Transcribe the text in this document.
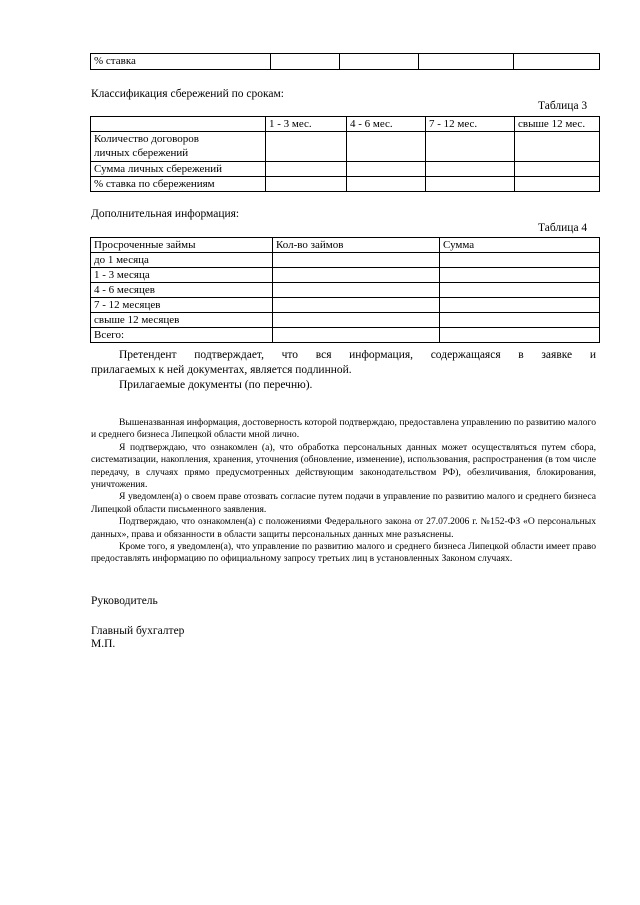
% ставка				
Классификация сбережений по срокам:
Таблица 3
	1 - 3 мес.	4 - 6 мес.	7 - 12 мес.	свыше 12 мес.

Количество договоров
личных сбережений				

Сумма личных сбережений				
% ставка по сбережениям				
Дополнительная информация:
Таблица 4
Просроченные займы	Кол-во займов	Сумма
до 1 месяца		
1 - 3 месяца		
4 - 6 месяцев		
7 - 12 месяцев		
свыше 12 месяцев		
Всего:		
Претендент подтверждает, что вся информация, содержащаяся в заявке и
прилагаемых к ней документах, является подлинной.
Прилагаемые документы (по перечню).
Вышеназванная информация, достоверность которой подтверждаю, предоставлена управлению по развитию малого и среднего бизнеса Липецкой области мной лично.
Я подтверждаю, что ознакомлен (а), что обработка персональных данных может осуществляться путем сбора, систематизации, накопления, хранения, уточнения (обновление, изменение), использования, распространения (в том числе передачу, в случаях прямо предусмотренных действующим законодательством РФ), обезличивания, блокирования, уничтожения.
Я уведомлен(а) о своем праве отозвать согласие путем подачи в управление по развитию малого и среднего бизнеса Липецкой области письменного заявления.
Подтверждаю, что ознакомлен(а) с положениями Федерального закона от 27.07.2006 г. №152-ФЗ «О персональных данных», права и обязанности в области защиты персональных данных мне разъяснены.
Кроме того, я уведомлен(а), что управление по развитию малого и среднего бизнеса Липецкой области имеет право предоставлять информацию по официальному запросу третьих лиц в установленных Законом случаях.
Руководитель
Главный бухгалтер
М.П.
